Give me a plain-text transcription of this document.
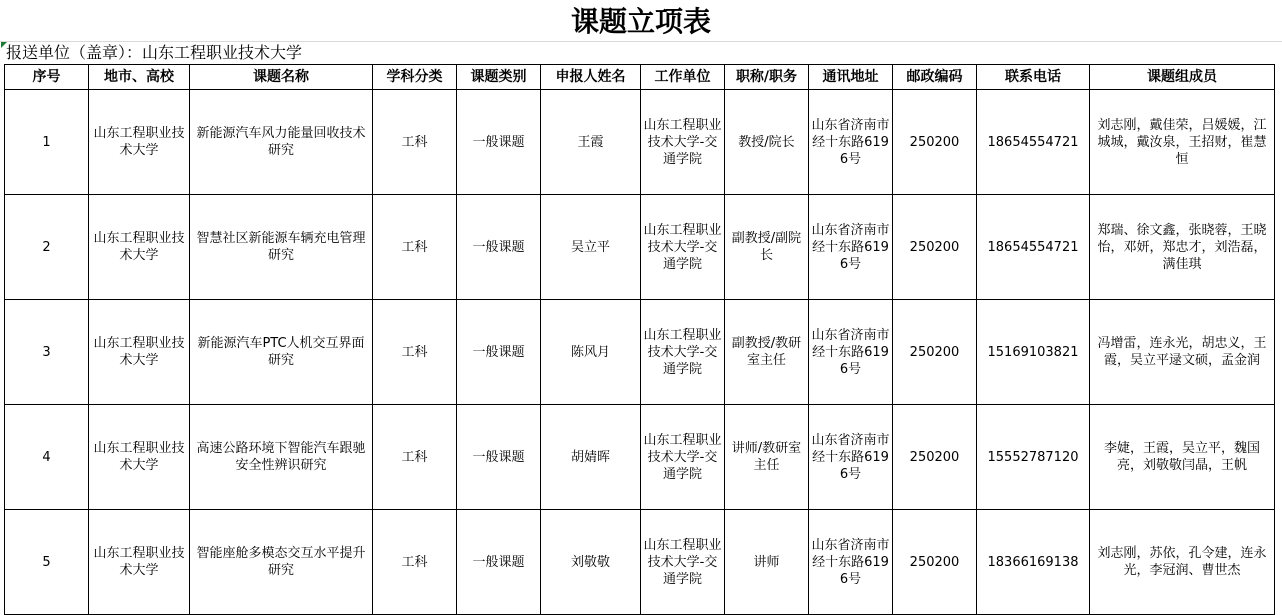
课题立项表
报送单位（盖章）：山东工程职业技术大学
序号	地市、高校	课题名称	学科分类	课题类别	申报人姓名	工作单位	职称/职务	通讯地址	邮政编码	联系电话	课题组成员
1	山东工程职业技术大学	新能源汽车风力能量回收技术研究	工科	一般课题	王霞	山东工程职业技术大学-交通学院	教授/院长	山东省济南市经十东路6196号	250200	18654554721	刘志刚，戴佳荣，吕媛媛，江城城，戴汝泉，王招财，崔慧恒
2	山东工程职业技术大学	智慧社区新能源车辆充电管理研究	工科	一般课题	吴立平	山东工程职业技术大学-交通学院	副教授/副院长	山东省济南市经十东路6196号	250200	18654554721	郑瑞、徐文鑫，张晓蓉，王晓怡，邓妍，郑忠才，刘浩磊，满佳琪
3	山东工程职业技术大学	新能源汽车PTC人机交互界面研究	工科	一般课题	陈风月	山东工程职业技术大学-交通学院	副教授/教研室主任	山东省济南市经十东路6196号	250200	15169103821	冯增雷，连永光，胡忠义，王霞，吴立平逯文硕，孟金润
4	山东工程职业技术大学	高速公路环境下智能汽车跟驰安全性辨识研究	工科	一般课题	胡婧晖	山东工程职业技术大学-交通学院	讲师/教研室主任	山东省济南市经十东路6196号	250200	15552787120	李婕，王霞，吴立平，魏国亮，刘敬敬闫晶，王帆
5	山东工程职业技术大学	智能座舱多模态交互水平提升研究	工科	一般课题	刘敬敬	山东工程职业技术大学-交通学院	讲师	山东省济南市经十东路6196号	250200	18366169138	刘志刚，苏依，孔令建，连永光，李冠润、曹世杰
